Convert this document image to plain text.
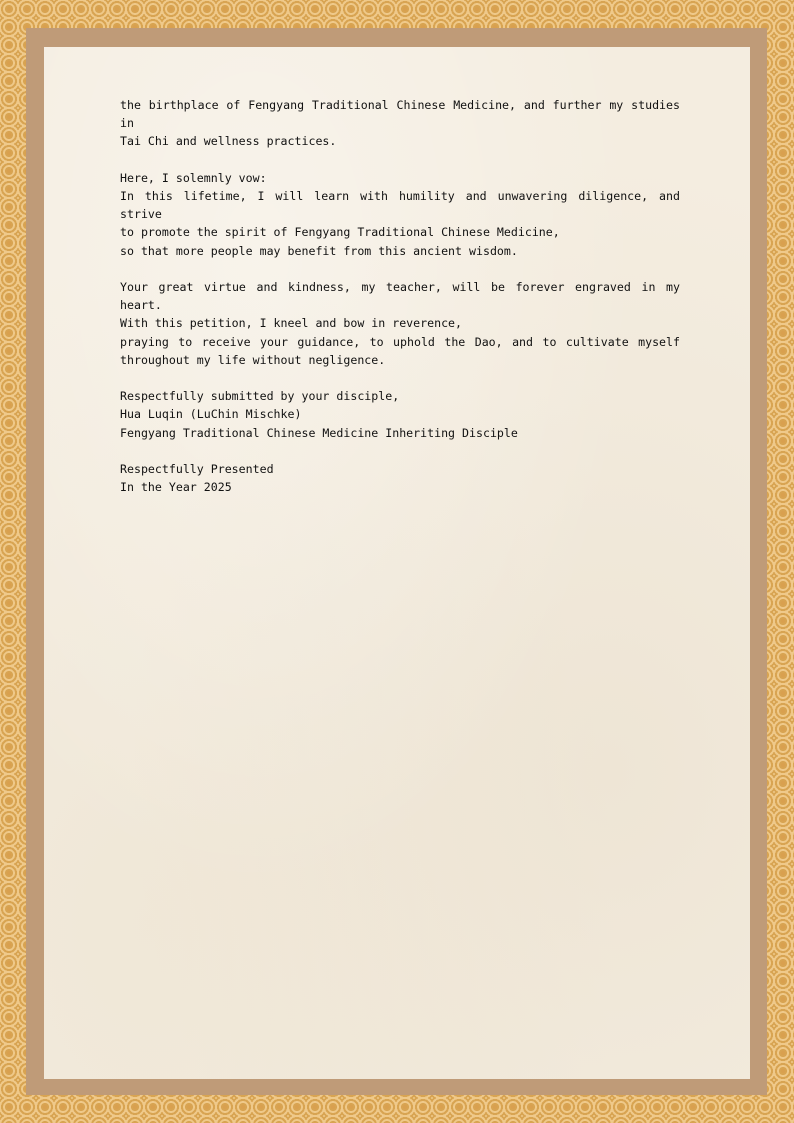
the birthplace of Fengyang Traditional Chinese Medicine, and further my studies in
Tai Chi and wellness practices.
Here, I solemnly vow:
In this lifetime, I will learn with humility and unwavering diligence, and strive
to promote the spirit of Fengyang Traditional Chinese Medicine,
so that more people may benefit from this ancient wisdom.
Your great virtue and kindness, my teacher, will be forever engraved in my heart.
With this petition, I kneel and bow in reverence,
praying to receive your guidance, to uphold the Dao, and to cultivate myself
throughout my life without negligence.
Respectfully submitted by your disciple,
Hua Luqin (LuChin Mischke)
Fengyang Traditional Chinese Medicine Inheriting Disciple
Respectfully Presented
In the Year 2025
